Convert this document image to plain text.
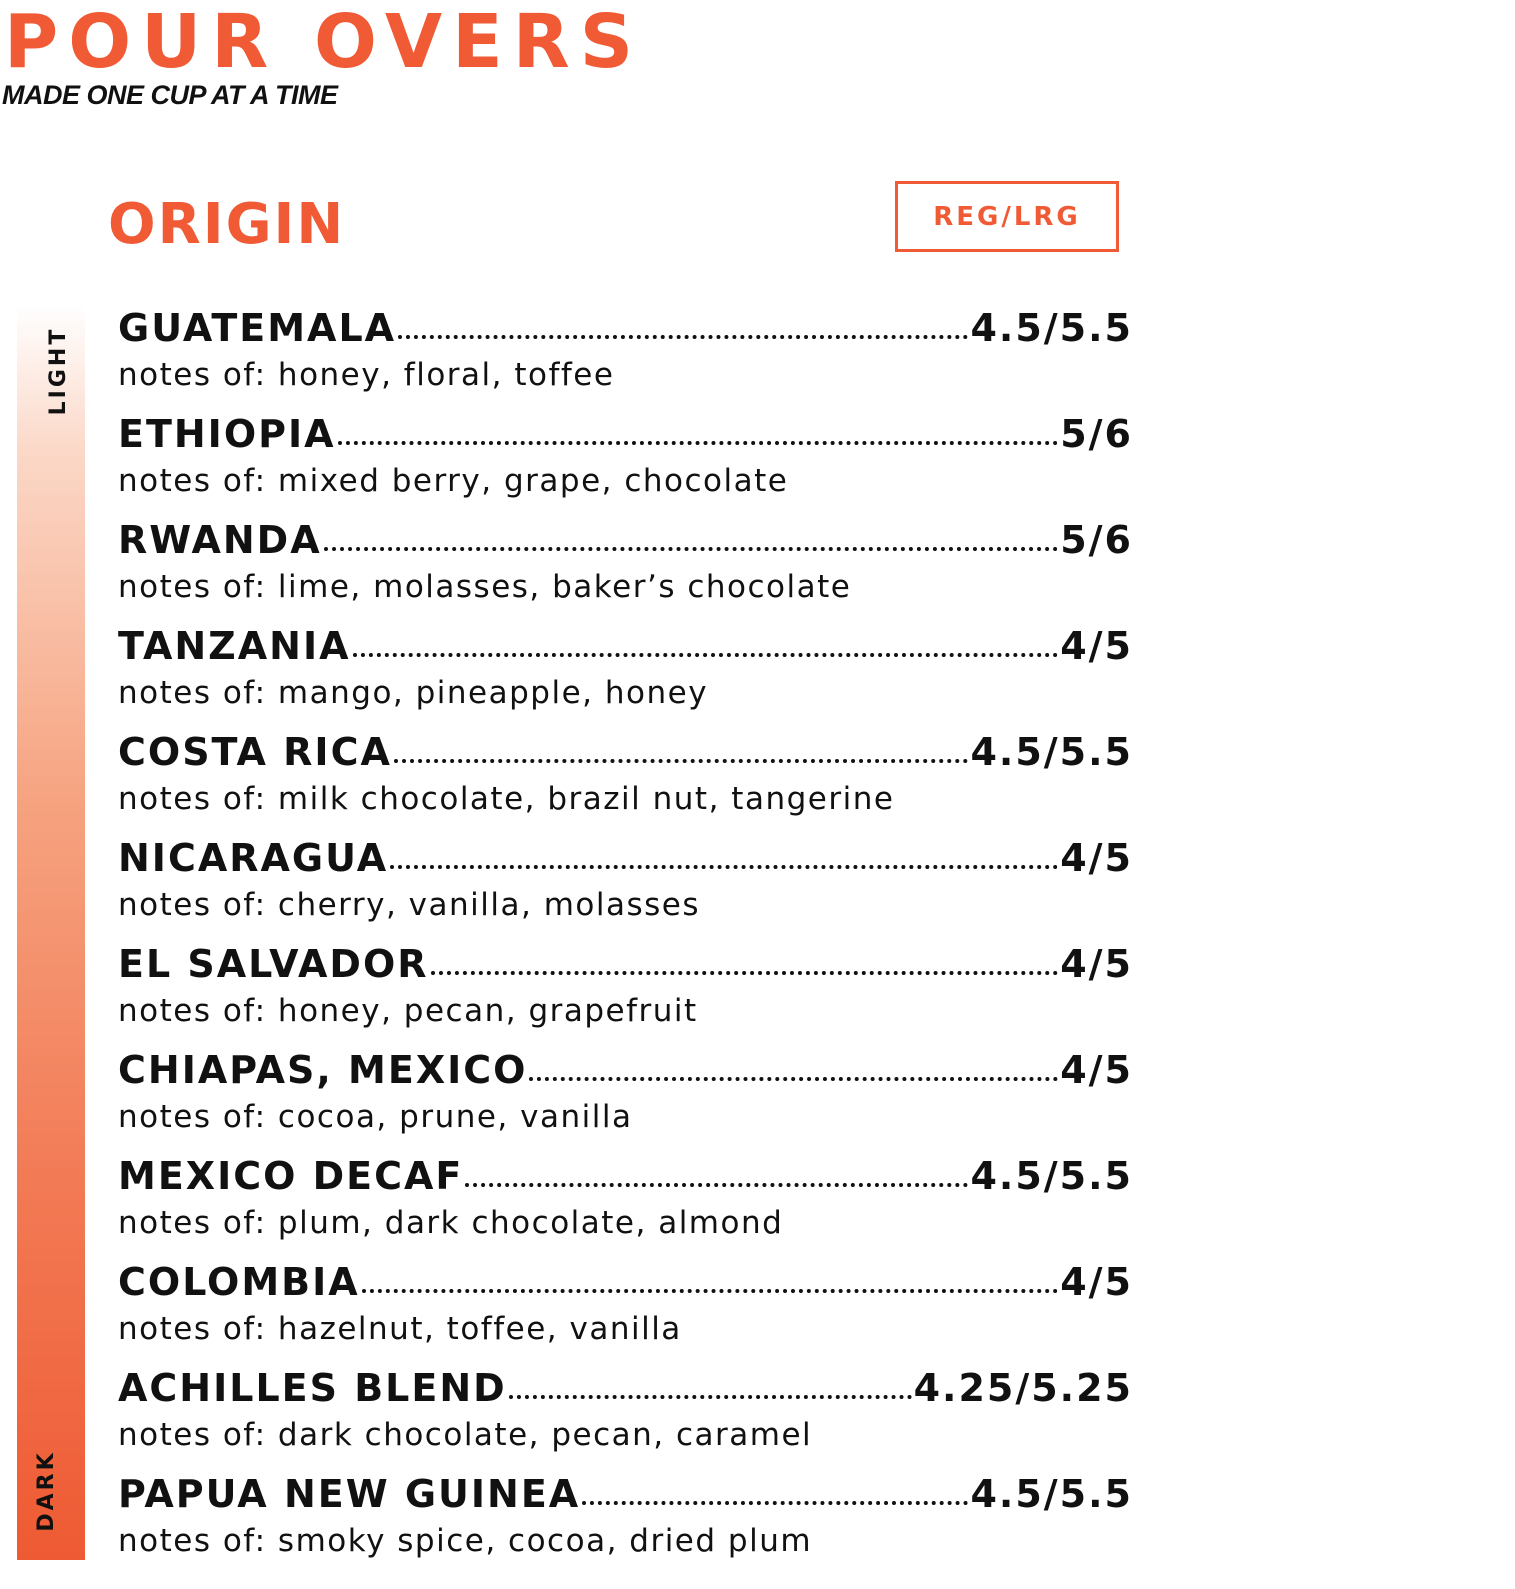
POUR OVERS
MADE ONE CUP AT A TIME
ORIGIN	REG/LRG
LIGHT
DARK
GUATEMALA	4.5/5.5
notes of: honey, floral, toffee
ETHIOPIA	5/6
notes of: mixed berry, grape, chocolate
RWANDA	5/6
notes of: lime, molasses, baker’s chocolate
TANZANIA	4/5
notes of: mango, pineapple, honey
COSTA RICA	4.5/5.5
notes of: milk chocolate, brazil nut, tangerine
NICARAGUA	4/5
notes of: cherry, vanilla, molasses
EL SALVADOR	4/5
notes of: honey, pecan, grapefruit
CHIAPAS, MEXICO	4/5
notes of: cocoa, prune, vanilla
MEXICO DECAF	4.5/5.5
notes of: plum, dark chocolate, almond
COLOMBIA	4/5
notes of: hazelnut, toffee, vanilla
ACHILLES BLEND	4.25/5.25
notes of: dark chocolate, pecan, caramel
PAPUA NEW GUINEA	4.5/5.5
notes of: smoky spice, cocoa, dried plum
